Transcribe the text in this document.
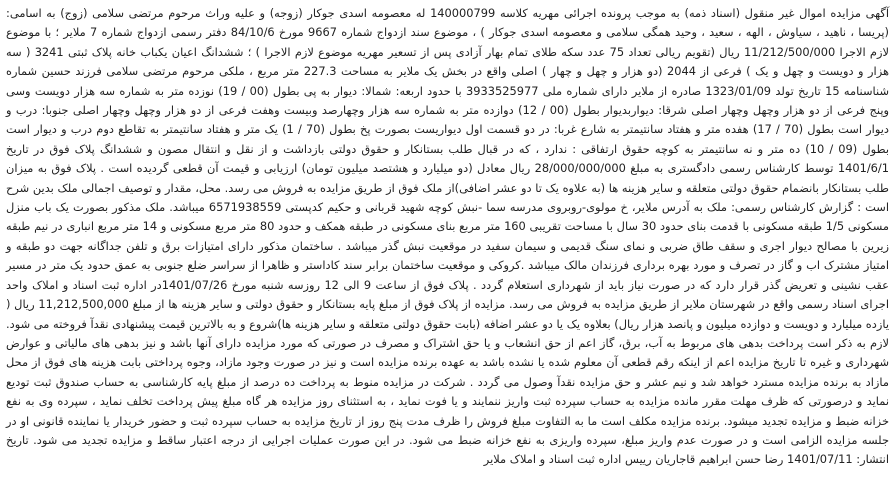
آگهی مزایده اموال غیر منقول (اسناد ذمه) به موجب پرونده اجرائی مهریه کلاسه 140000799 له معصومه اسدی جوکار (زوجه) و علیه وراث مرحوم مرتضی سلامی (زوج) به اسامی: (پریسا ، ناهید ، سیاوش ، الهه ، سعید ، وحید همگی سلامی و معصومه اسدی جوکار ) ، موضوع سند ازدواج شماره 9667 مورخ 84/10/6 دفتر رسمی ازدواج شماره 7 ملایر ؛ با موضوع لازم الاجرا 11/212/500/000 ریال (تقویم ریالی تعداد 75 عدد سکه طلای تمام بهار آزادی پس از تسعیر مهریه موضوع لازم الاجرا ) ؛ ششدانگ اعیان یکباب خانه پلاک ثبتی 3241 ( سه هزار و دویست و چهل و یک ) فرعی از 2044 (دو هزار و چهل و چهار ) اصلی واقع در بخش یک ملایر به مساحت 227.3 متر مربع ، ملکی مرحوم مرتضی سلامی فرزند حسین شماره شناسنامه 15 تاریخ تولد 1323/01/09 صادره از ملایر دارای شماره ملی 3933525977 با حدود اربعه: شمالا: دیوار به پی بطول (00 / 19) نوزده متر به شماره سه هزار دویست وسی وپنج فرعی از دو هزار وچهل وچهار اصلی شرقا: دیواربدیوار بطول (00 / 12) دوازده متر به شماره سه هزار وچهارصد وبیست وهفت فرعی از دو هزار وچهل وچهار اصلی جنوبا: درب و دیوار است بطول (70 / 17) هفده متر و هفتاد سانتیمتر به شارع غربا: در دو قسمت اول دیواریست بصورت پخ بطول (70 / 1) یک متر و هفتاد سانتیمتر به تقاطع دوم درب و دیوار است بطول (09 / 10) ده متر و نه سانتیمتر به کوچه حقوق ارتفاقی : ندارد ، که در قبال طلب بستانکار و حقوق دولتی بازداشت و از نقل و انتقال مصون و ششدانگ پلاک فوق در تاریخ 1401/6/1 توسط کارشناس رسمی دادگستری به مبلغ 28/000/000/000 ریال معادل (دو میلیارد و هشتصد میلیون تومان) ارزیابی و قیمت آن قطعی گردیده است . پلاک فوق به میزان طلب بستانکار بانضمام حقوق دولتی متعلقه و سایر هزینه ها (به علاوه یک تا دو عشر اضافی)از ملک فوق از طریق مزایده به فروش می رسد. محل، مقدار و توصیف اجمالی ملک بدین شرح است : گزارش کارشناس رسمی: ملک به آدرس ملایر، خ مولوی-روبروی مدرسه سما -نبش کوچه شهید قربانی و حکیم کدپستی 6571938559 میباشد. ملک مذکور بصورت یک باب منزل مسکونی 1/5 طبقه مسکونی با قدمت بنای حدود 30 سال با مساحت تقریبی 160 متر مربع بنای مسکونی در طبقه همکف و حدود 80 متر مربع مسکونی و 14 متر مربع انباری در نیم طبقه زیرین با مصالح دیوار اجری و سقف طاق ضربی و نمای سنگ قدیمی و سیمان سفید در موقعیت نبش گذر میباشد . ساختمان مذکور دارای امتیازات برق و تلفن جداگانه جهت دو طبقه و امتیاز مشترک اب و گاز در تصرف و مورد بهره برداری فرزندان مالک میباشد .کروکی و موقعیت ساختمان برابر سند کاداستر و ظاهرا از سراسر ضلع جنوبی به عمق حدود یک متر در مسیر عقب نشینی و تعریض گذر قرار دارد که در صورت نیاز باید از شهرداری استعلام گردد . پلاک فوق از ساعت 9 الی 12 روزسه شنبه مورخ 1401/07/26در اداره ثبت اسناد و املاک واحد اجرای اسناد رسمی واقع در شهرستان ملایر از طریق مزایده به فروش می رسد. مزایده از پلاک فوق از مبلغ پایه بستانکار و حقوق دولتی و سایر هزینه ها از مبلغ 11,212,500,000 ریال ( یازده میلیارد و دویست و دوازده میلیون و پانصد هزار ریال) بعلاوه یک یا دو عشر اضافه (بابت حقوق دولتی متعلقه و سایر هزینه ها)شروع و به بالاترین قیمت پیشنهادی نقدآ فروخته می شود. لازم به ذکر است پرداخت بدهی های مربوط به آب، برق، گاز اعم از حق انشعاب و یا حق اشتراک و مصرف در صورتی که مورد مزایده دارای آنها باشد و نیز بدهی های مالیاتی و عوارض شهرداری و غیره تا تاریخ مزایده اعم از اینکه رقم قطعی آن معلوم شده یا نشده باشد به عهده برنده مزایده است و نیز در صورت وجود مازاد، وجوه پرداختی بابت هزینه های فوق از محل مازاد به برنده مزایده مسترد خواهد شد و نیم عشر و حق مزایده نقدآ وصول می گردد . شرکت در مزایده منوط به پرداخت ده درصد از مبلغ پایه کارشناسی به حساب صندوق ثبت توديع نمايد و درصورتی که ظرف مهلت مقرر مانده مزایده به حساب سپرده ثبت واریز ننمایند و یا فوت نماید ، به استثنای روز مزایده هر گاه مبلغ پیش پرداخت تخلف نماید ، سپرده وی به نفع خزانه ضبط و مزایده تجدید میشود. برنده مزایده مکلف است ما به التفاوت مبلغ فروش را ظرف مدت پنج روز از تاریخ مزایده به حساب سپرده ثبت و حضور خریدار یا نماینده قانونی او در جلسه مزایده الزامی است و در صورت عدم واریز مبلغ، سپرده واریزی به نفع خزانه ضبط می شود. در این صورت عملیات اجرایی از درجه اعتبار ساقط و مزایده تجدید می شود. تاریخ انتشار: 1401/07/11 رضا حسن ابراهیم قاجاریان رییس اداره ثبت اسناد و املاک ملایر
